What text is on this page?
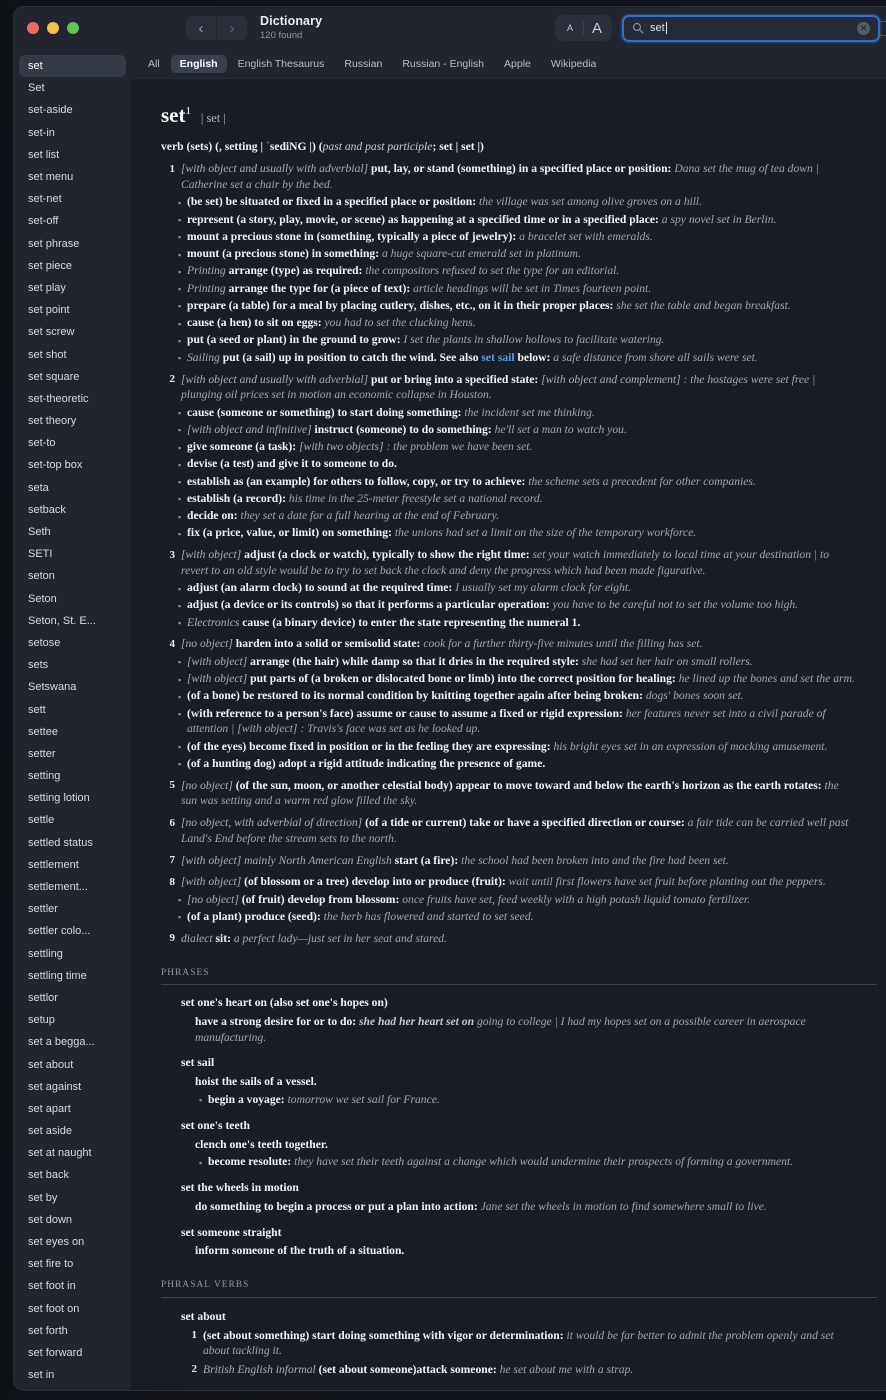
‹	›	Dictionary
120 found
A	A	set	✕
set
Set
set-aside
set-in
set list
set menu
set-net
set-off
set phrase
set piece
set play
set point
set screw
set shot
set square
set-theoretic
set theory
set-to
set-top box
seta
setback
Seth
SETI
seton
Seton
Seton, St. E...
setose
sets
Setswana
sett
settee
setter
setting
setting lotion
settle
settled status
settlement
settlement...
settler
settler colo...
settling
settling time
settlor
setup
set a begga...
set about
set against
set apart
set aside
set at naught
set back
set by
set down
set eyes on
set fire to
set foot in
set foot on
set forth
set forward
set in
All	English	English Thesaurus	Russian	Russian - English	Apple	Wikipedia
set$^1$ | set |
verb (sets) (, setting | ˈsediNG |) (past and past participle; set | set |)
1 [with object and usually with adverbial] put, lay, or stand (something) in a specified place or position: Dana set the mug of tea down | Catherine set a chair by the bed.
▪ (be set) be situated or fixed in a specified place or position: the village was set among olive groves on a hill.
▪ represent (a story, play, movie, or scene) as happening at a specified time or in a specified place: a spy novel set in Berlin.
▪ mount a precious stone in (something, typically a piece of jewelry): a bracelet set with emeralds.
▪ mount (a precious stone) in something: a huge square-cut emerald set in platinum.
▪ Printing arrange (type) as required: the compositors refused to set the type for an editorial.
▪ Printing arrange the type for (a piece of text): article headings will be set in Times fourteen point.
▪ prepare (a table) for a meal by placing cutlery, dishes, etc., on it in their proper places: she set the table and began breakfast.
▪ cause (a hen) to sit on eggs: you had to set the clucking hens.
▪ put (a seed or plant) in the ground to grow: I set the plants in shallow hollows to facilitate watering.
▪ Sailing put (a sail) up in position to catch the wind. See also set sail below: a safe distance from shore all sails were set.
2 [with object and usually with adverbial] put or bring into a specified state: [with object and complement] : the hostages were set free | plunging oil prices set in motion an economic collapse in Houston.
▪ cause (someone or something) to start doing something: the incident set me thinking.
▪ [with object and infinitive] instruct (someone) to do something: he'll set a man to watch you.
▪ give someone (a task): [with two objects] : the problem we have been set.
▪ devise (a test) and give it to someone to do.
▪ establish as (an example) for others to follow, copy, or try to achieve: the scheme sets a precedent for other companies.
▪ establish (a record): his time in the 25-meter freestyle set a national record.
▪ decide on: they set a date for a full hearing at the end of February.
▪ fix (a price, value, or limit) on something: the unions had set a limit on the size of the temporary workforce.
3 [with object] adjust (a clock or watch), typically to show the right time: set your watch immediately to local time at your destination | to revert to an old style would be to try to set back the clock and deny the progress which had been made figurative.
▪ adjust (an alarm clock) to sound at the required time: I usually set my alarm clock for eight.
▪ adjust (a device or its controls) so that it performs a particular operation: you have to be careful not to set the volume too high.
▪ Electronics cause (a binary device) to enter the state representing the numeral 1.
4 [no object] harden into a solid or semisolid state: cook for a further thirty-five minutes until the filling has set.
▪ [with object] arrange (the hair) while damp so that it dries in the required style: she had set her hair on small rollers.
▪ [with object] put parts of (a broken or dislocated bone or limb) into the correct position for healing: he lined up the bones and set the arm.
▪ (of a bone) be restored to its normal condition by knitting together again after being broken: dogs' bones soon set.
▪ (with reference to a person's face) assume or cause to assume a fixed or rigid expression: her features never set into a civil parade of attention | [with object] : Travis's face was set as he looked up.
▪ (of the eyes) become fixed in position or in the feeling they are expressing: his bright eyes set in an expression of mocking amusement.
▪ (of a hunting dog) adopt a rigid attitude indicating the presence of game.
5 [no object] (of the sun, moon, or another celestial body) appear to move toward and below the earth's horizon as the earth rotates: the sun was setting and a warm red glow filled the sky.
6 [no object, with adverbial of direction] (of a tide or current) take or have a specified direction or course: a fair tide can be carried well past Land's End before the stream sets to the north.
7 [with object] mainly North American English start (a fire): the school had been broken into and the fire had been set.
8 [with object] (of blossom or a tree) develop into or produce (fruit): wait until first flowers have set fruit before planting out the peppers.
▪ [no object] (of fruit) develop from blossom: once fruits have set, feed weekly with a high potash liquid tomato fertilizer.
▪ (of a plant) produce (seed): the herb has flowered and started to set seed.
9 dialect sit: a perfect lady—just set in her seat and stared.
PHRASES
set one's heart on (also set one's hopes on)
have a strong desire for or to do: she had her heart set on going to college | I had my hopes set on a possible career in aerospace manufacturing.
set sail
hoist the sails of a vessel.
▪ begin a voyage: tomorrow we set sail for France.
set one's teeth
clench one's teeth together.
▪ become resolute: they have set their teeth against a change which would undermine their prospects of forming a government.
set the wheels in motion
do something to begin a process or put a plan into action: Jane set the wheels in motion to find somewhere small to live.
set someone straight
inform someone of the truth of a situation.
PHRASAL VERBS
set about
1 (set about something) start doing something with vigor or determination: it would be far better to admit the problem openly and set about tackling it.
2 British English informal (set about someone)attack someone: he set about me with a strap.
